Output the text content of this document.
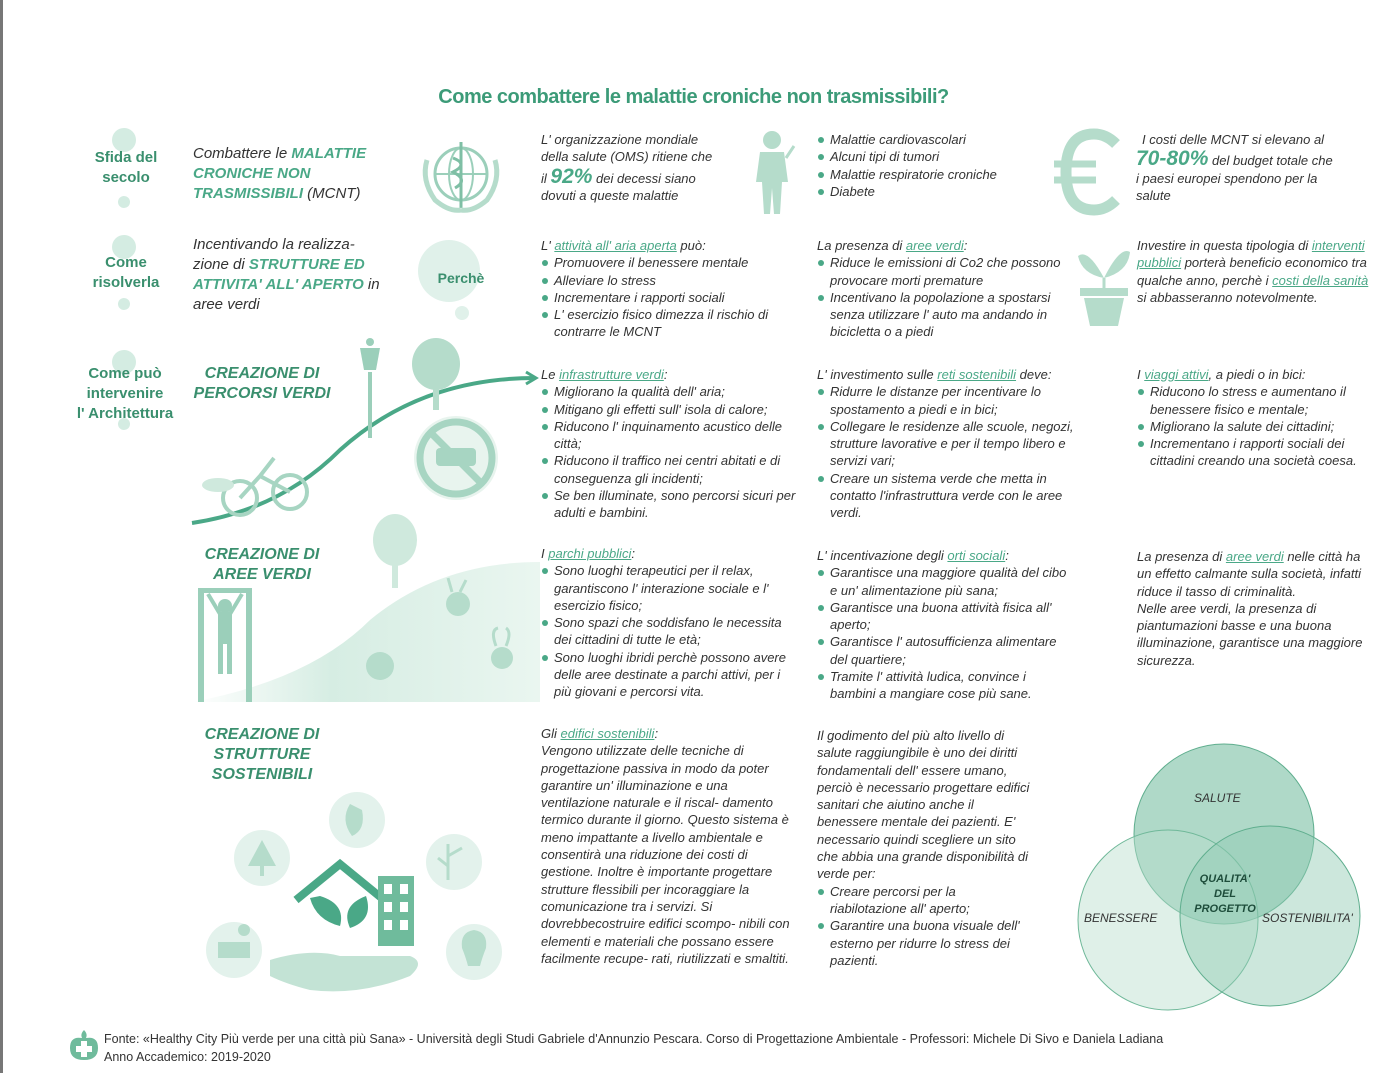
Come combattere le malattie croniche non trasmissibili?
Sfida del
secolo
Come
risolverla
Come può
intervenire
l' Architettura
Combattere le MALATTIE CRONICHE NON TRASMISSIBILI (MCNT)

L' organizzazione mondiale

della salute (OMS) ritiene che

il 92% dei decessi siano

dovuti a queste malattie

Malattie cardiovascolari
Alcuni tipi di tumori
Malattie respiratorie croniche
Diabete

I costi delle MCNT si elevano al

70-80% del budget totale che

i paesi europei spendono per la

salute

Incentivando la realizza- zione di STRUTTURE ED ATTIVITA' ALL' APERTO in aree verdi
Perchè

L' attività all' aria aperta può:

Promuovere il benessere mentale
Alleviare lo stress
Incrementare i rapporti sociali
L' esercizio fisico dimezza il rischio di contrarre le MCNT

La presenza di aree verdi:

Riduce le emissioni di Co2 che possono provocare morti premature
Incentivano la popolazione a spostarsi senza utilizzare l' auto ma andando in bicicletta o a piedi

Investire in questa tipologia di interventi pubblici porterà beneficio economico tra qualche anno, perchè i costi della sanità si abbasseranno notevolmente.

CREAZIONE DI PERCORSI VERDI

Le infrastrutture verdi:

Migliorano la qualità dell' aria;
Mitigano gli effetti sull' isola di calore;
Riducono l' inquinamento acustico delle città;
Riducono il traffico nei centri abitati e di conseguenza gli incidenti;
Se ben illuminate, sono percorsi sicuri per adulti e bambini.

L' investimento sulle reti sostenibili deve:

Ridurre le distanze per incentivare lo spostamento a piedi e in bici;
Collegare le residenze alle scuole, negozi, strutture lavorative e per il tempo libero e servizi vari;
Creare un sistema verde che metta in contatto l'infrastruttura verde con le aree verdi.

I viaggi attivi, a piedi o in bici:

Riducono lo stress e aumentano il benessere fisico e mentale;
Migliorano la salute dei cittadini;
Incrementano i rapporti sociali dei cittadini creando una società coesa.
CREAZIONE DI AREE VERDI

I parchi pubblici:

Sono luoghi terapeutici per il relax, garantiscono l' interazione sociale e l' esercizio fisico;
Sono spazi che soddisfano le necessita dei cittadini di tutte le età;
Sono luoghi ibridi perchè possono avere delle aree destinate a parchi attivi, per i più giovani e percorsi vita.

L' incentivazione degli orti sociali:

Garantisce una maggiore qualità del cibo e un' alimentazione più sana;
Garantisce una buona attività fisica all' aperto;
Garantisce l' autosufficienza alimentare del quartiere;
Tramite l' attività ludica, convince i bambini a mangiare cose più sane.

La presenza di aree verdi nelle città ha un effetto calmante sulla società, infatti riduce il tasso di criminalità.

Nelle aree verdi, la presenza di piantumazioni basse e una buona illuminazione, garantisce una maggiore sicurezza.

CREAZIONE DI STRUTTURE SOSTENIBILI

Gli edifici sostenibili:

Vengono utilizzate delle tecniche di progettazione passiva in modo da poter garantire un' illuminazione e una ventilazione naturale e il riscal- damento termico durante il giorno. Questo sistema è meno impattante a livello ambientale e consentirà una riduzione dei costi di gestione. Inoltre è importante progettare strutture flessibili per incoraggiare la comunicazione tra i servizi. Si dovrebbecostruire edifici scompo- nibili con elementi e materiali che possano essere facilmente recupe- rati, riutilizzati e smaltiti.

Il godimento del più alto livello di salute raggiungibile è uno dei diritti fondamentali dell' essere umano, perciò è necessario progettare edifici sanitari che aiutino anche il benessere mentale dei pazienti. E' necessario quindi scegliere un sito che abbia una grande disponibilità di verde per:

Creare percorsi per la riabilotazione all' aperto;
Garantire una buona visuale dell' esterno per ridurre lo stress dei pazienti.
SALUTE
BENESSERE	SOSTENIBILITA'
QUALITA'
DEL
PROGETTO
Fonte: «Healthy City Più verde per una città più Sana» - Università degli Studi Gabriele d'Annunzio Pescara. Corso di Progettazione Ambientale - Professori: Michele Di Sivo e Daniela Ladiana
Anno Accademico: 2019-2020
